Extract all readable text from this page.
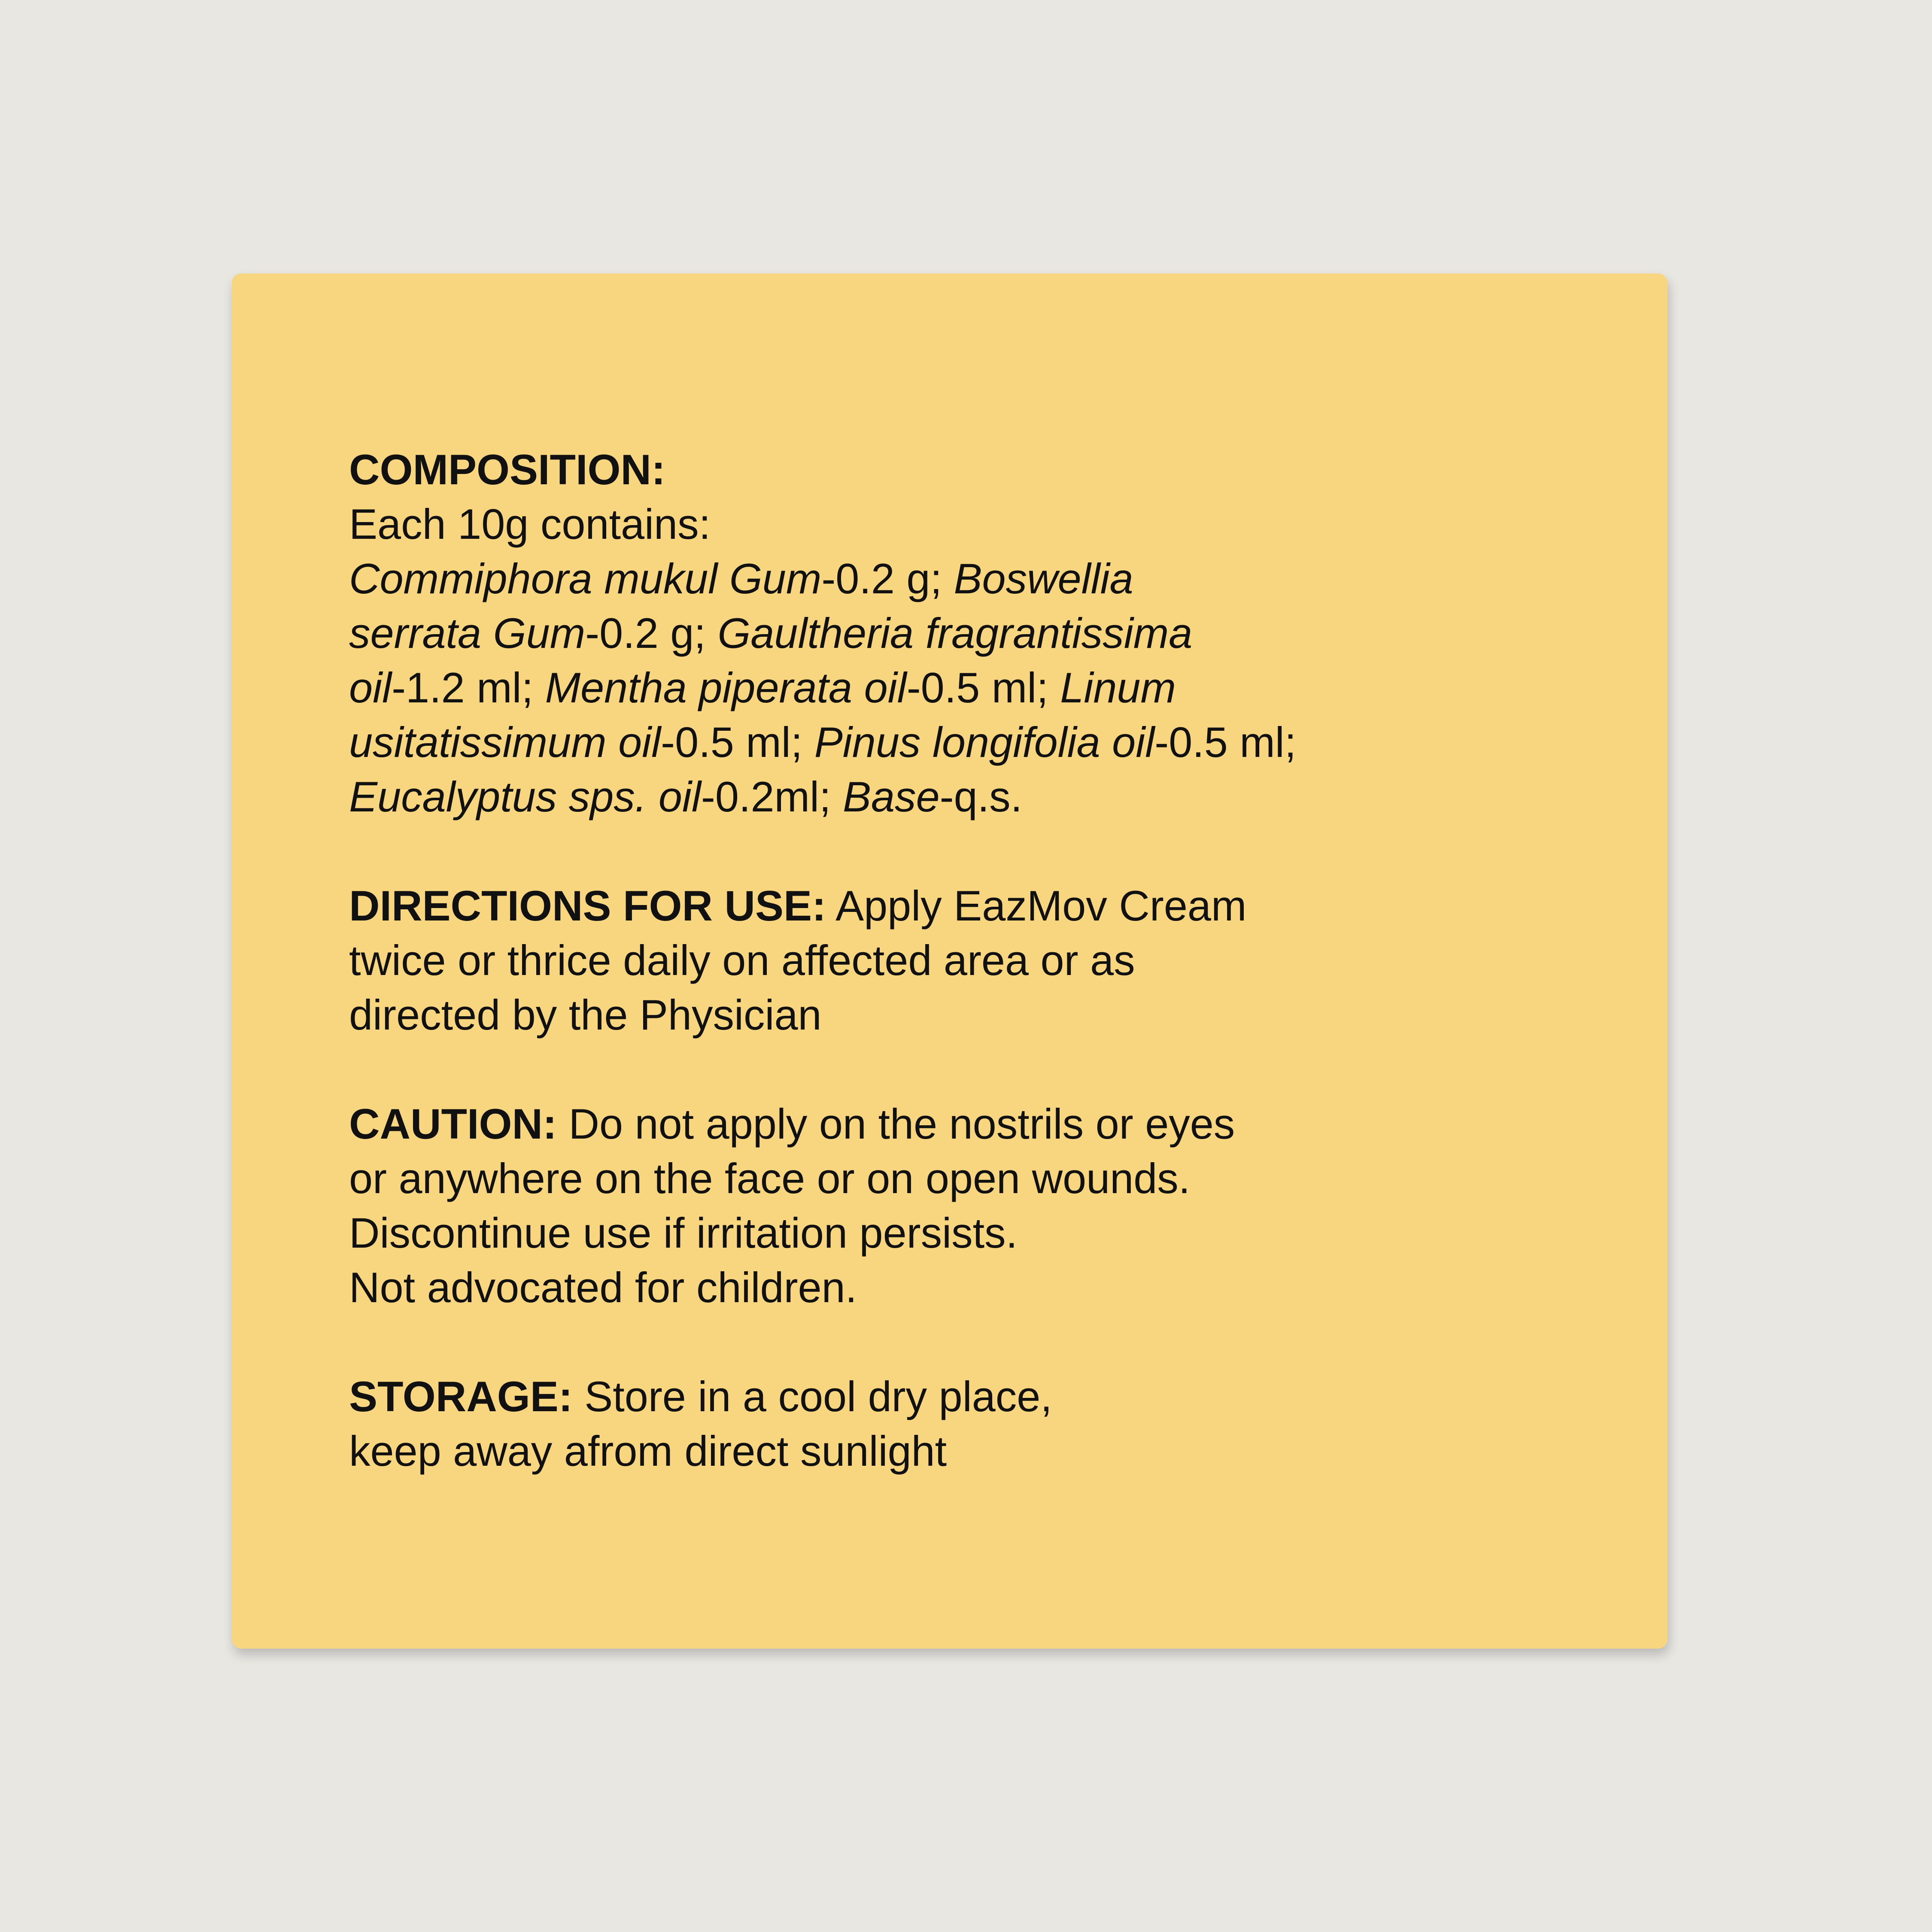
COMPOSITION:
Each 10g contains:
Commiphora mukul Gum-0.2 g; Boswellia
serrata Gum-0.2 g; Gaultheria fragrantissima
oil-1.2 ml; Mentha piperata oil-0.5 ml; Linum
usitatissimum oil-0.5 ml; Pinus longifolia oil-0.5 ml;
Eucalyptus sps. oil-0.2ml; Base-q.s.

DIRECTIONS FOR USE: Apply EazMov Cream
twice or thrice daily on affected area or as
directed by the Physician

CAUTION: Do not apply on the nostrils or eyes
or anywhere on the face or on open wounds.
Discontinue use if irritation persists.
Not advocated for children.

STORAGE: Store in a cool dry place,
keep away afrom direct sunlight
